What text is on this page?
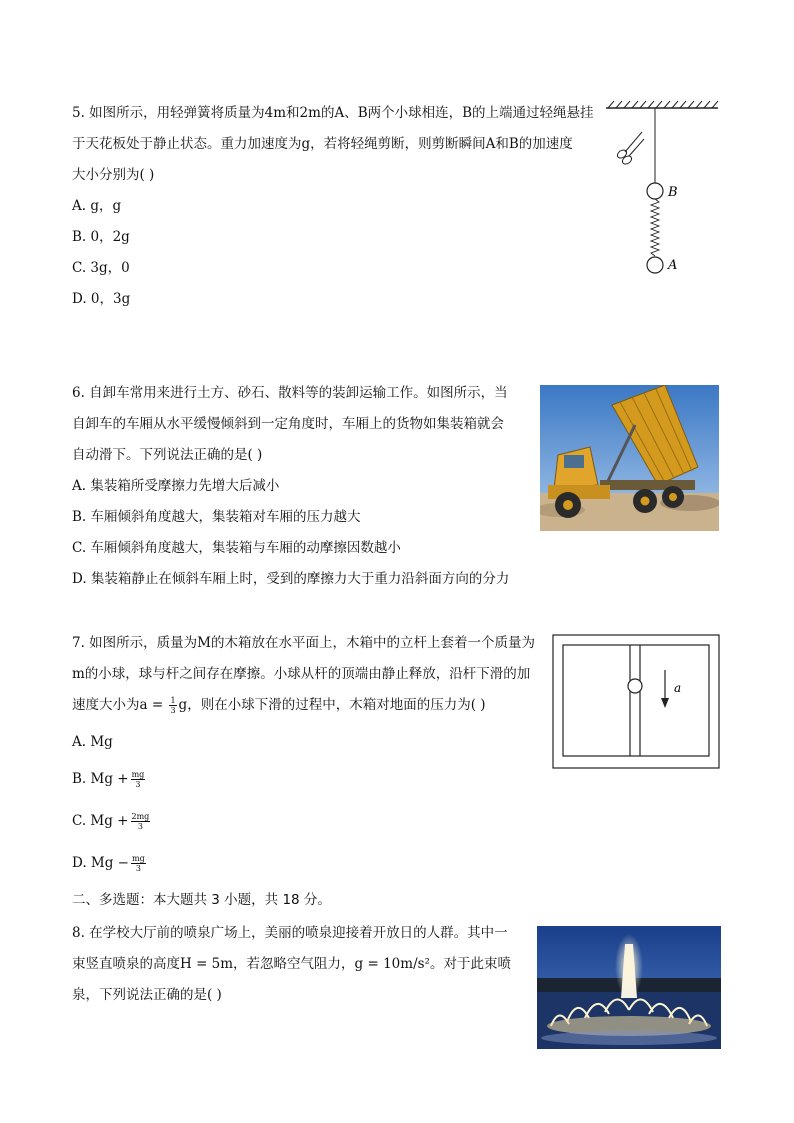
5. 如图所示，用轻弹簧将质量为4m和2m的A、B两个小球相连，B的上端通过轻绳悬挂
于天花板处于静止状态。重力加速度为g，若将轻绳剪断，则剪断瞬间A和B的加速度
大小分别为( )
A. g，g
B. 0，2g
C. 3g，0
D. 0，3g
B
A
6. 自卸车常用来进行土方、砂石、散料等的装卸运输工作。如图所示，当
自卸车的车厢从水平缓慢倾斜到一定角度时，车厢上的货物如集装箱就会
自动滑下。下列说法正确的是( )
A. 集装箱所受摩擦力先增大后减小
B. 车厢倾斜角度越大，集装箱对车厢的压力越大
C. 车厢倾斜角度越大，集装箱与车厢的动摩擦因数越小
D. 集装箱静止在倾斜车厢上时，受到的摩擦力大于重力沿斜面方向的分力
7. 如图所示，质量为M的木箱放在水平面上，木箱中的立杆上套着一个质量为
m的小球，球与杆之间存在摩擦。小球从杆的顶端由静止释放，沿杆下滑的加
速度大小为$a = \frac{1}{3}$ g，则在小球下滑的过程中，木箱对地面的压力为( )
A. Mg
B. $Mg + \frac{mg}{3}$
C. $Mg + \frac{2mg}{3}$
D. $Mg - \frac{mg}{3}$
a
二、多选题：本大题共 3 小题，共 18 分。
8. 在学校大厅前的喷泉广场上，美丽的喷泉迎接着开放日的人群。其中一
束竖直喷泉的高度H = 5m，若忽略空气阻力，g = 10m/s²。对于此束喷
泉，下列说法正确的是( )
